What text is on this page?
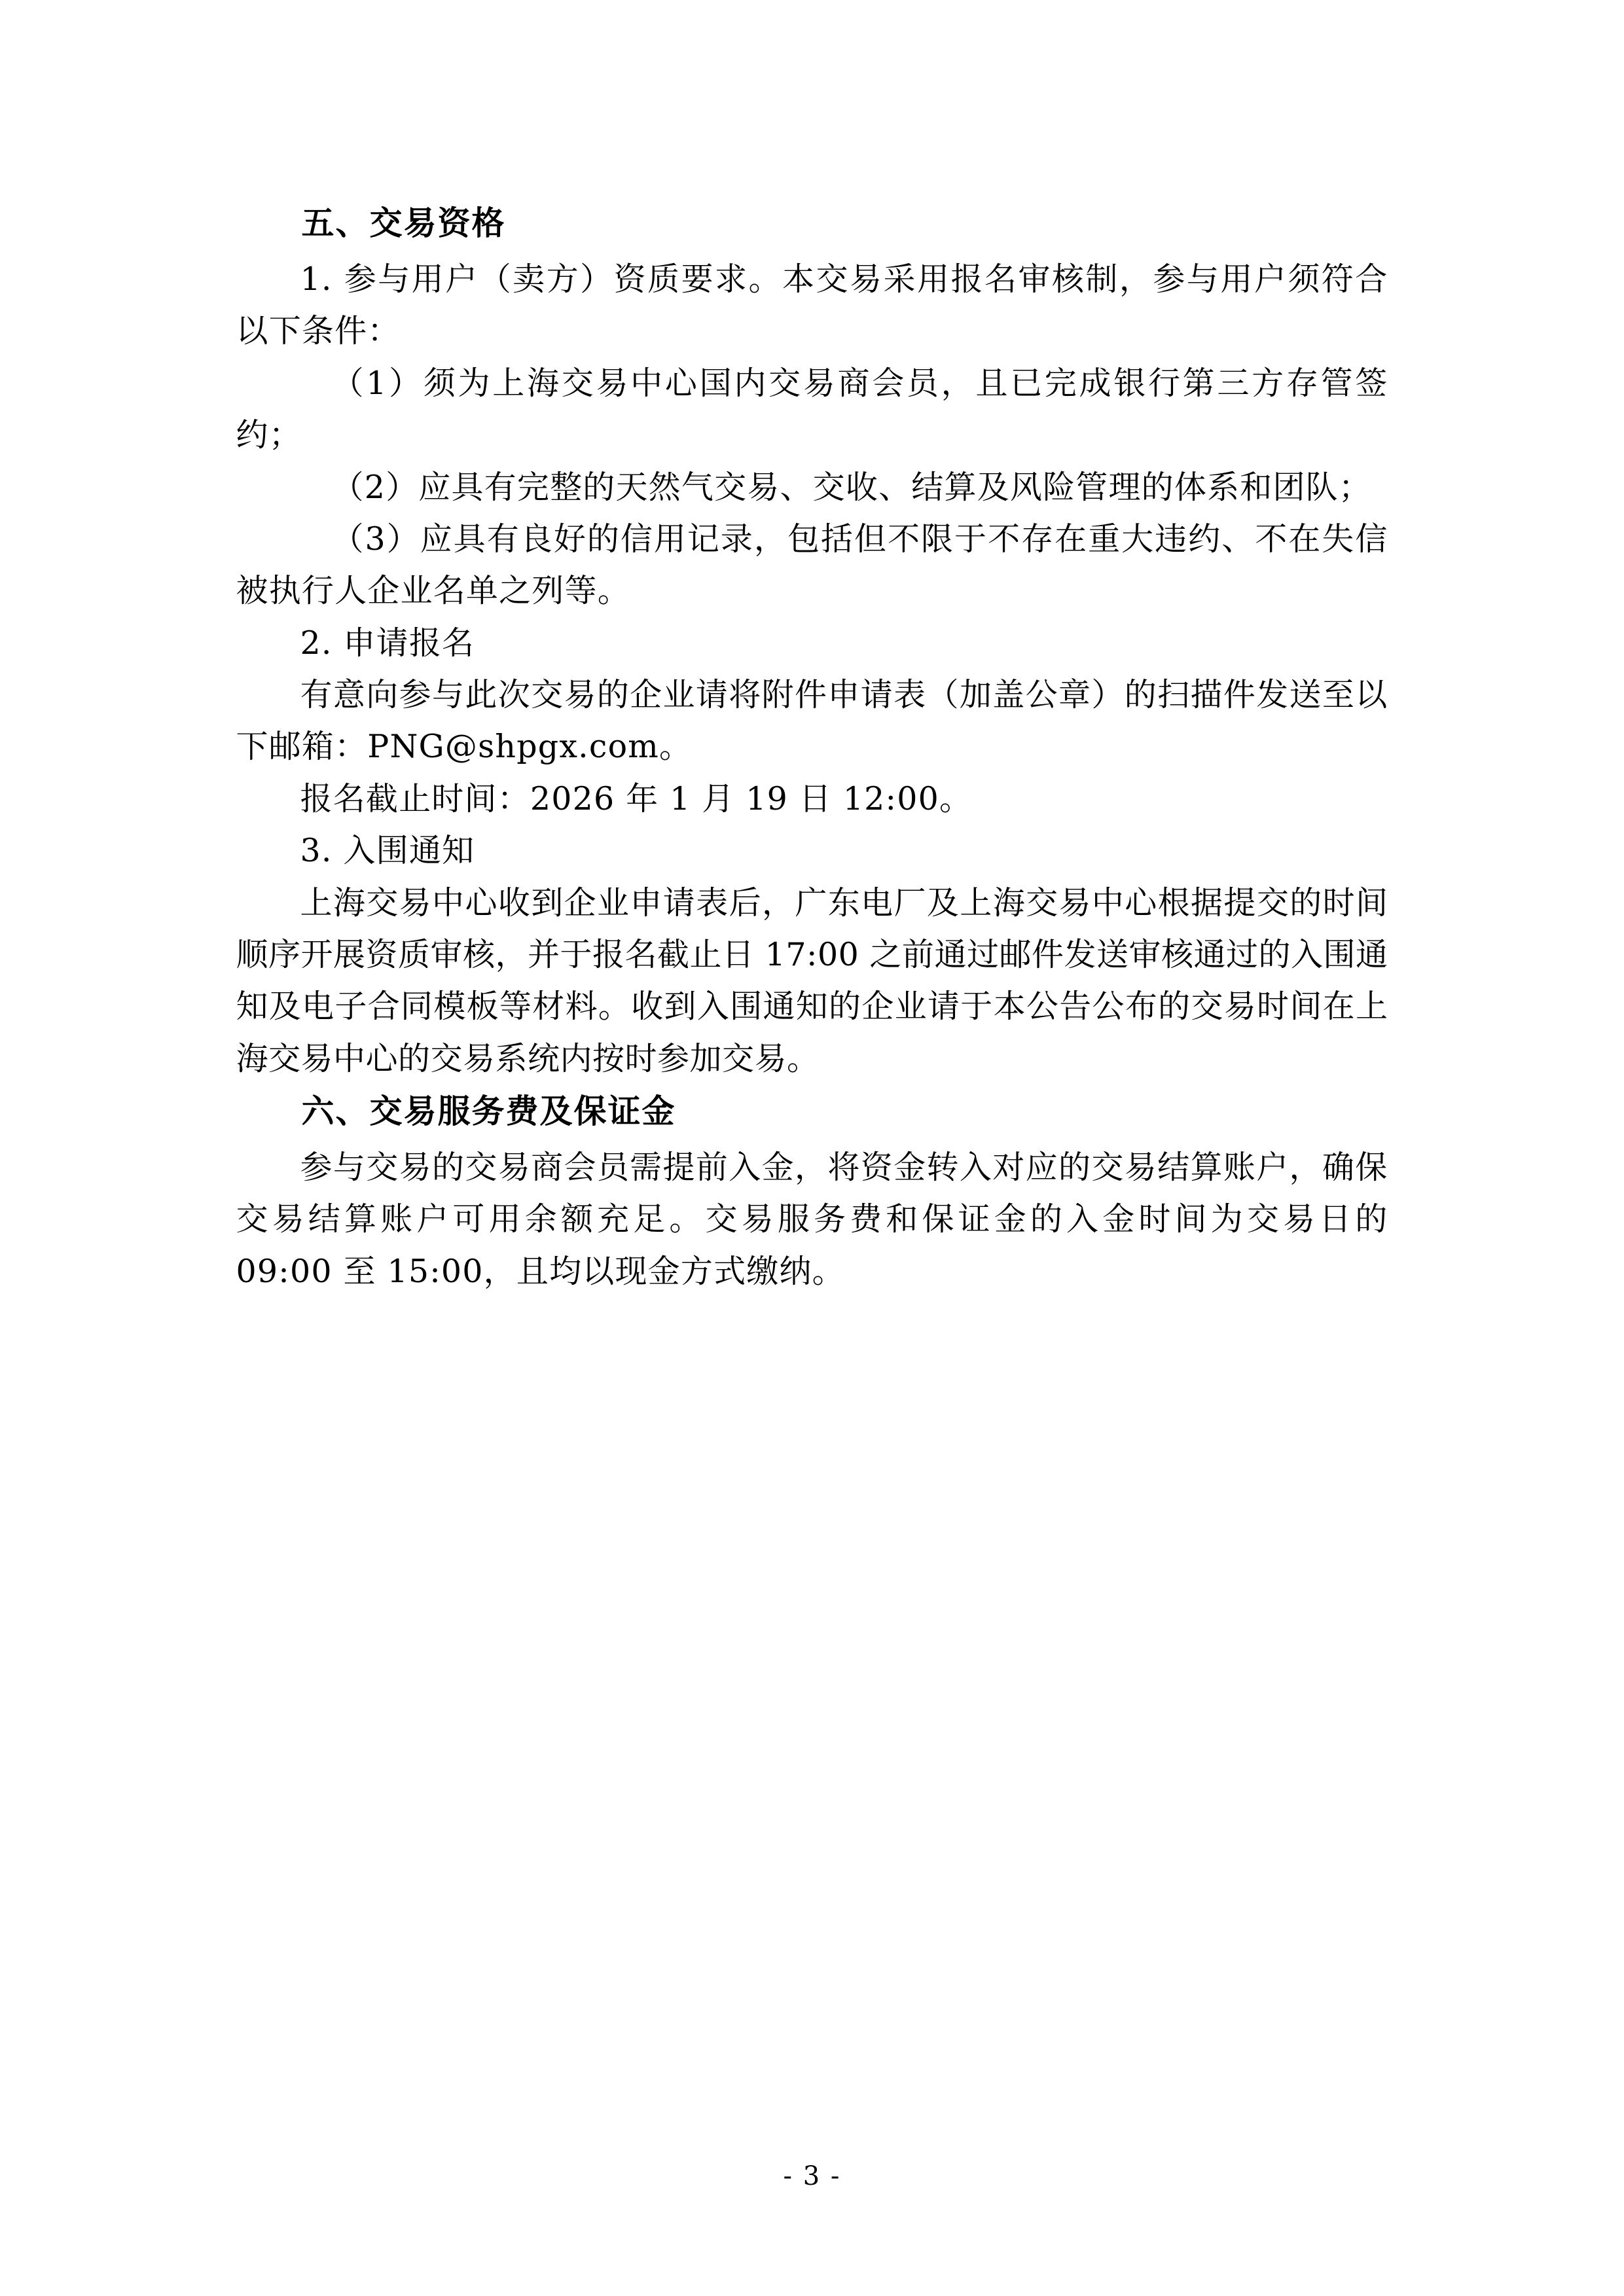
五、交易资格

1. 参与用户（卖方）资质要求。本交易采用报名审核制，参与用户须符合以下条件：

（1）须为上海交易中心国内交易商会员，且已完成银行第三方存管签约；

（2）应具有完整的天然气交易、交收、结算及风险管理的体系和团队；

（3）应具有良好的信用记录，包括但不限于不存在重大违约、不在失信被执行人企业名单之列等。

2. 申请报名

有意向参与此次交易的企业请将附件申请表（加盖公章）的扫描件发送至以下邮箱：PNG@shpgx.com。

报名截止时间：2026 年 1 月 19 日 12:00。

3. 入围通知

上海交易中心收到企业申请表后，广东电厂及上海交易中心根据提交的时间顺序开展资质审核，并于报名截止日 17:00 之前通过邮件发送审核通过的入围通知及电子合同模板等材料。收到入围通知的企业请于本公告公布的交易时间在上海交易中心的交易系统内按时参加交易。

六、交易服务费及保证金

参与交易的交易商会员需提前入金，将资金转入对应的交易结算账户，确保交易结算账户可用余额充足。交易服务费和保证金的入金时间为交易日的 09:00 至 15:00，且均以现金方式缴纳。

- 3 -
